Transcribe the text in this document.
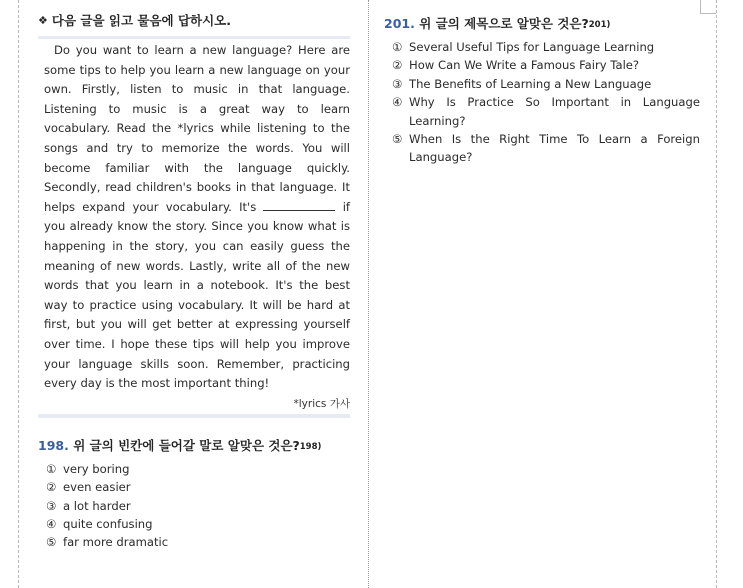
❖ 다음 글을 읽고 물음에 답하시오.
Do you want to learn a new language? Here are some tips to help you learn a new language on your own. Firstly, listen to music in that language. Listening to music is a great way to learn vocabulary. Read the *lyrics while listening to the songs and try to memorize the words. You will become familiar with the language quickly. Secondly, read children's books in that language. It helps expand your vocabulary. It's	if you already know the story. Since you know what is happening in the story, you can easily guess the meaning of new words. Lastly, write all of the new words that you learn in a notebook. It's the best way to practice using vocabulary. It will be hard at first, but you will get better at expressing yourself over time. I hope these tips will help you improve your language skills soon. Remember, practicing every day is the most important thing!
*lyrics 가사
198. 위 글의 빈칸에 들어갈 말로 알맞은 것은?198)
① very boring
② even easier
③ a lot harder
④ quite confusing
⑤ far more dramatic
201. 위 글의 제목으로 알맞은 것은?201)
① Several Useful Tips for Language Learning
② How Can We Write a Famous Fairy Tale?
③ The Benefits of Learning a New Language
④ Why Is Practice So Important in Language Learning?
⑤ When Is the Right Time To Learn a Foreign Language?
